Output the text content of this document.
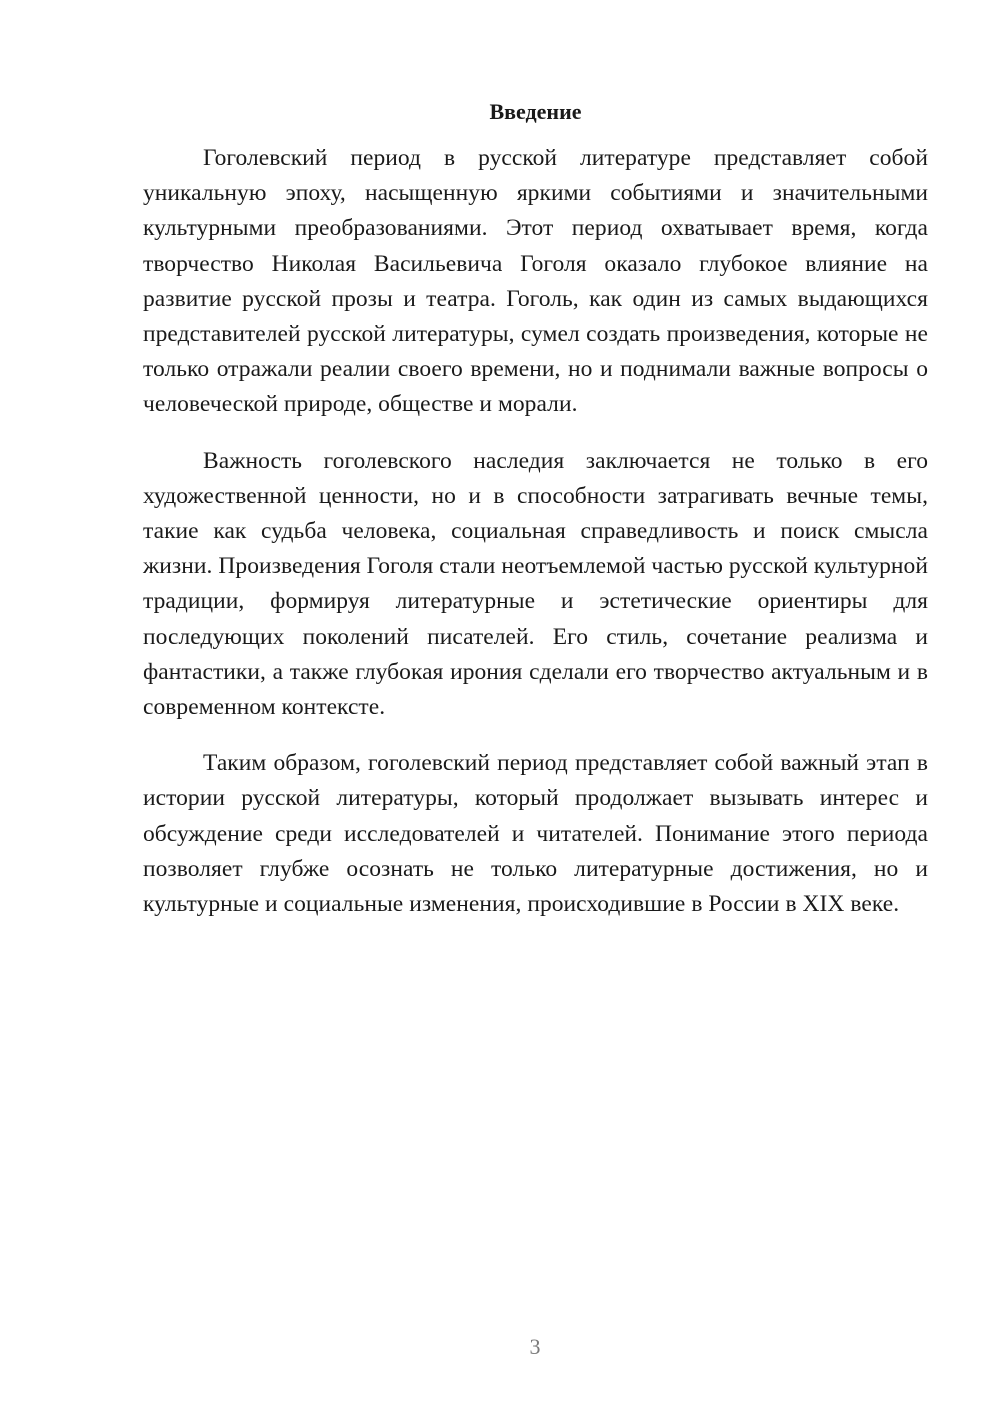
Введение

Гоголевский период в русской литературе представляет собой уникальную эпоху, насыщенную яркими событиями и значительными культурными преобразованиями. Этот период охватывает время, когда творчество Николая Васильевича Гоголя оказало глубокое влияние на развитие русской прозы и театра. Гоголь, как один из самых выдающихся представителей русской литературы, сумел создать произведения, которые не только отражали реалии своего времени, но и поднимали важные вопросы о человеческой природе, обществе и морали.

Важность гоголевского наследия заключается не только в его художественной ценности, но и в способности затрагивать вечные темы, такие как судьба человека, социальная справедливость и поиск смысла жизни. Произведения Гоголя стали неотъемлемой частью русской культурной традиции, формируя литературные и эстетические ориентиры для последующих поколений писателей. Его стиль, сочетание реализма и фантастики, а также глубокая ирония сделали его творчество актуальным и в современном контексте.

Таким образом, гоголевский период представляет собой важный этап в истории русской литературы, который продолжает вызывать интерес и обсуждение среди исследователей и читателей. Понимание этого периода позволяет глубже осознать не только литературные достижения, но и культурные и социальные изменения, происходившие в России в XIX веке.

3
